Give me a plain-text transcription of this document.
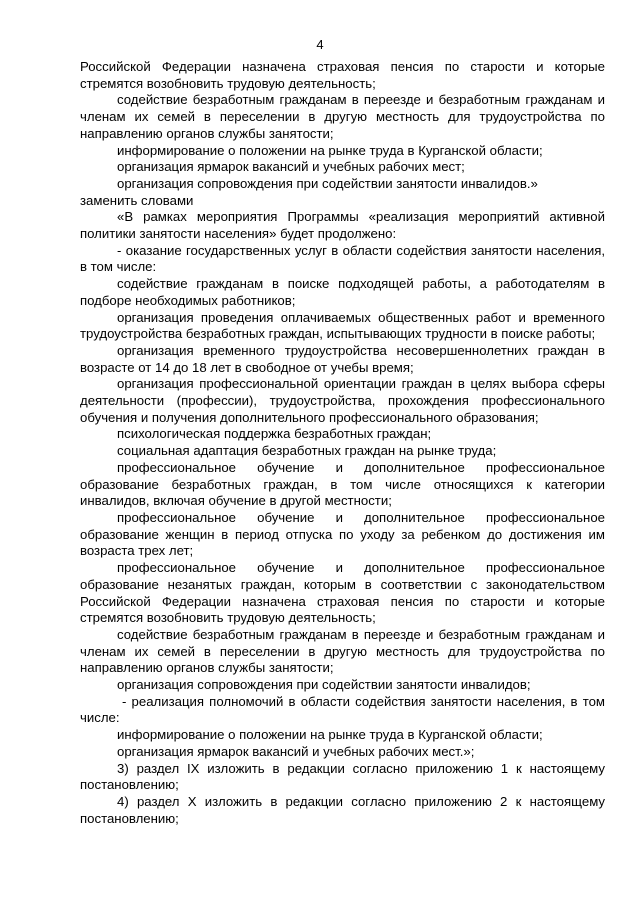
4

Российской Федерации назначена страховая пенсия по старости и которые стремятся возобновить трудовую деятельность;

содействие безработным гражданам в переезде и безработным гражданам и членам их семей в переселении в другую местность для трудоустройства по направлению органов службы занятости;

информирование о положении на рынке труда в Курганской области;

организация ярмарок вакансий и учебных рабочих мест;

организация сопровождения при содействии занятости инвалидов.»

заменить словами

«В рамках мероприятия Программы «реализация мероприятий активной политики занятости населения» будет продолжено:

- оказание государственных услуг в области содействия занятости населения, в том числе:

содействие гражданам в поиске подходящей работы, а работодателям в подборе необходимых работников;

организация проведения оплачиваемых общественных работ и временного трудоустройства безработных граждан, испытывающих трудности в поиске работы;

организация временного трудоустройства несовершеннолетних граждан в возрасте от 14 до 18 лет в свободное от учебы время;

организация профессиональной ориентации граждан в целях выбора сферы деятельности (профессии), трудоустройства, прохождения профессионального обучения и получения дополнительного профессионального образования;

психологическая поддержка безработных граждан;

социальная адаптация безработных граждан на рынке труда;

профессиональное обучение и дополнительное профессиональное образование безработных граждан, в том числе относящихся к категории инвалидов, включая обучение в другой местности;

профессиональное обучение и дополнительное профессиональное образование женщин в период отпуска по уходу за ребенком до достижения им возраста трех лет;

профессиональное обучение и дополнительное профессиональное образование незанятых граждан, которым в соответствии с законодательством Российской Федерации назначена страховая пенсия по старости и которые стремятся возобновить трудовую деятельность;

содействие безработным гражданам в переезде и безработным гражданам и членам их семей в переселении в другую местность для трудоустройства по направлению органов службы занятости;

организация сопровождения при содействии занятости инвалидов;

- реализация полномочий в области содействия занятости населения, в том числе:

информирование о положении на рынке труда в Курганской области;

организация ярмарок вакансий и учебных рабочих мест.»;

3) раздел IX изложить в редакции согласно приложению 1 к настоящему постановлению;

4) раздел X изложить в редакции согласно приложению 2 к настоящему постановлению;
